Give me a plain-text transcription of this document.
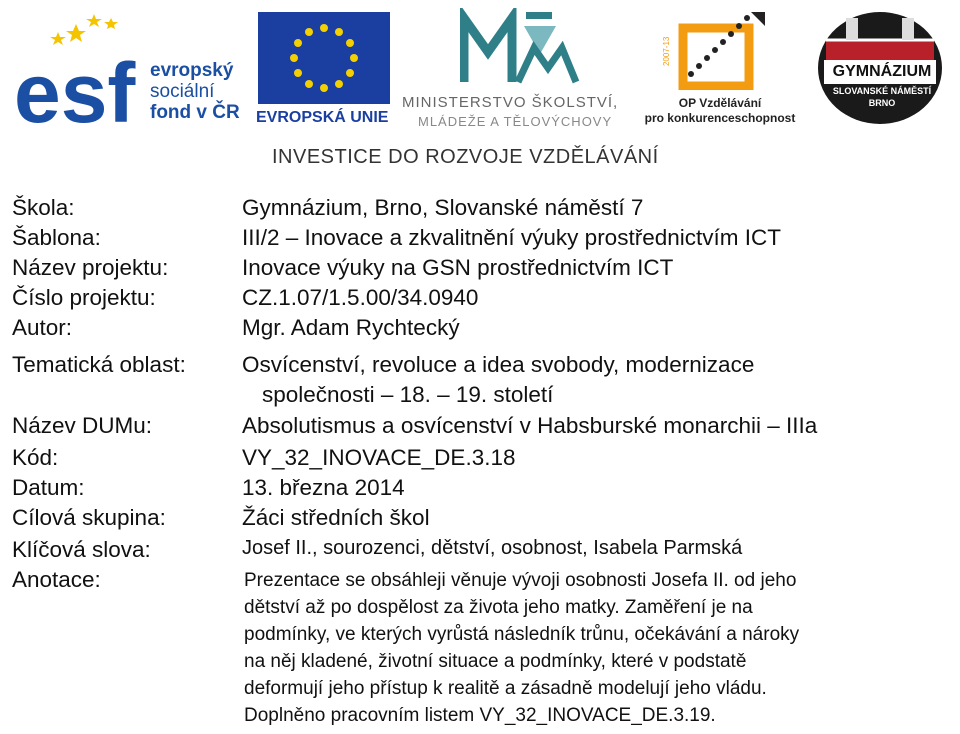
esf evropský
sociální
fond v ČR	EVROPSKÁ UNIE
MINISTERSTVO ŠKOLSTVÍ,
MLÁDEŽE A TĚLOVÝCHOVY
2007-13
OP Vzdělávání
pro konkurenceschopnost
GYMNÁZIUM
SLOVANSKÉ NÁMĚSTÍ
BRNO
INVESTICE DO ROZVOJE VZDĚLÁVÁNÍ
Škola:	Gymnázium, Brno, Slovanské náměstí 7
Šablona:	III/2 – Inovace a zkvalitnění výuky prostřednictvím ICT
Název projektu:	Inovace výuky na GSN prostřednictvím ICT
Číslo projektu:	CZ.1.07/1.5.00/34.0940
Autor:	Mgr. Adam Rychtecký
Tematická oblast: Osvícenství, revoluce a idea svobody, modernizace
společnosti – 18. – 19. století
Název DUMu:	Absolutismus a osvícenství v Habsburské monarchii – IIIa
Kód:	VY_32_INOVACE_DE.3.18
Datum:	13. března 2014
Cílová skupina:	Žáci středních škol
Klíčová slova:	Josef II., sourozenci, dětství, osobnost, Isabela Parmská
Anotace:	Prezentace se obsáhleji věnuje vývoji osobnosti Josefa II. od jeho
dětství až po dospělost za života jeho matky. Zaměření je na
podmínky, ve kterých vyrůstá následník trůnu, očekávání a nároky
na něj kladené, životní situace a podmínky, které v podstatě
deformují jeho přístup k realitě a zásadně modelují jeho vládu.
Doplněno pracovním listem VY_32_INOVACE_DE.3.19.
